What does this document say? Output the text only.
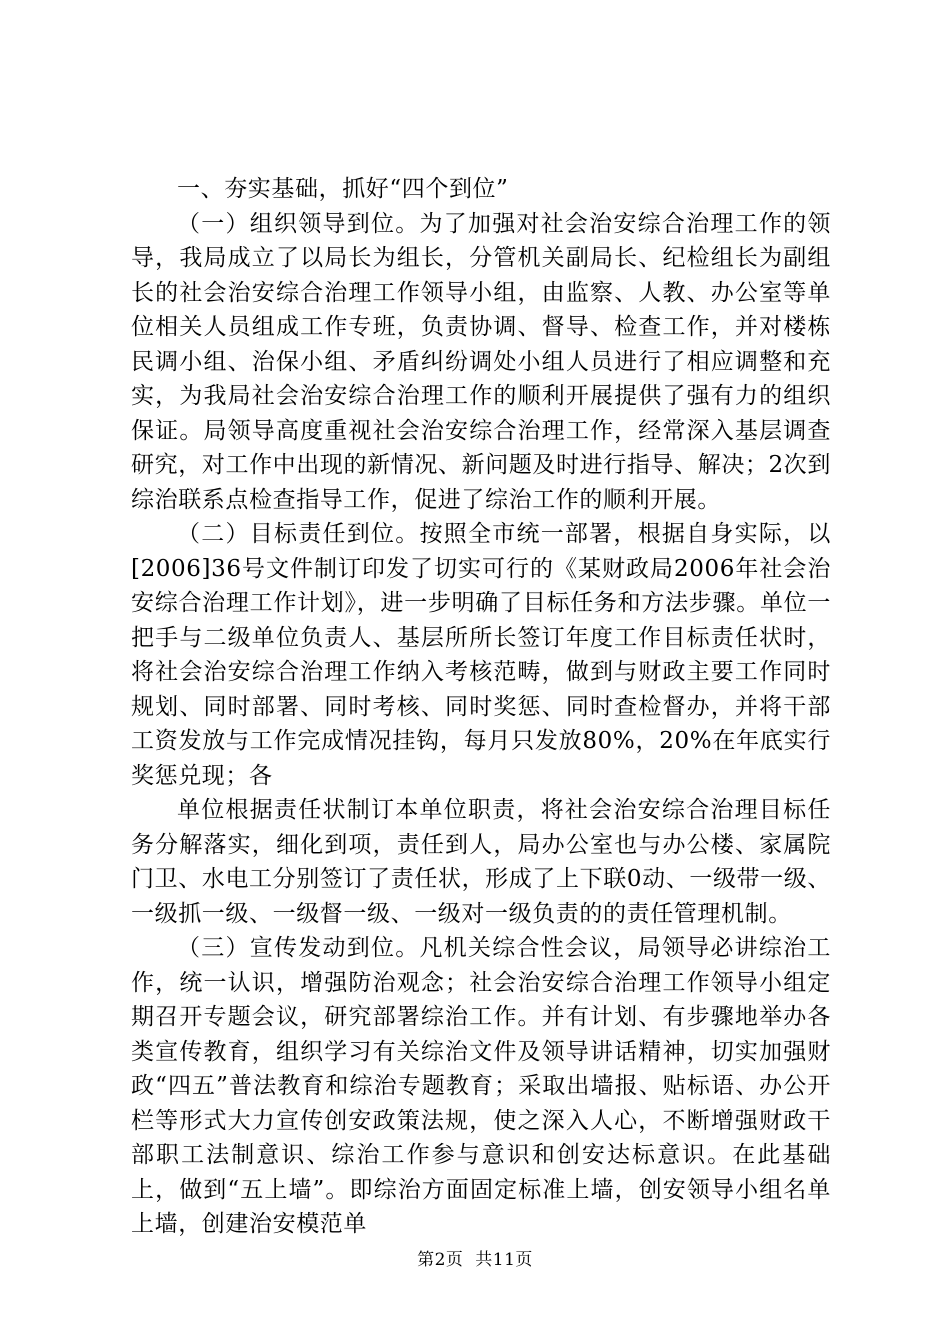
一、夯实基础，抓好“四个到位”

（一）组织领导到位。为了加强对社会治安综合治理工作的领导，我局成立了以局长为组长，分管机关副局长、纪检组长为副组长的社会治安综合治理工作领导小组，由监察、人教、办公室等单位相关人员组成工作专班，负责协调、督导、检查工作，并对楼栋民调小组、治保小组、矛盾纠纷调处小组人员进行了相应调整和充实，为我局社会治安综合治理工作的顺利开展提供了强有力的组织保证。局领导高度重视社会治安综合治理工作，经常深入基层调查研究，对工作中出现的新情况、新问题及时进行指导、解决；2次到综治联系点检查指导工作，促进了综治工作的顺利开展。

（二）目标责任到位。按照全市统一部署，根据自身实际，以[2006]36号文件制订印发了切实可行的《某财政局2006年社会治安综合治理工作计划》，进一步明确了目标任务和方法步骤。单位一把手与二级单位负责人、基层所所长签订年度工作目标责任状时，将社会治安综合治理工作纳入考核范畴，做到与财政主要工作同时规划、同时部署、同时考核、同时奖惩、同时查检督办，并将干部工资发放与工作完成情况挂钩，每月只发放80%，20%在年底实行奖惩兑现；各

单位根据责任状制订本单位职责，将社会治安综合治理目标任务分解落实，细化到项，责任到人，局办公室也与办公楼、家属院门卫、水电工分别签订了责任状，形成了上下联0动、一级带一级、一级抓一级、一级督一级、一级对一级负责的的责任管理机制。

（三）宣传发动到位。凡机关综合性会议，局领导必讲综治工作，统一认识，增强防治观念；社会治安综合治理工作领导小组定期召开专题会议，研究部署综治工作。并有计划、有步骤地举办各类宣传教育，组织学习有关综治文件及领导讲话精神，切实加强财政“四五”普法教育和综治专题教育；采取出墙报、贴标语、办公开栏等形式大力宣传创安政策法规，使之深入人心，不断增强财政干部职工法制意识、综治工作参与意识和创安达标意识。在此基础上，做到“五上墙”。即综治方面固定标准上墙，创安领导小组名单上墙，创建治安模范单

第2页 共11页
